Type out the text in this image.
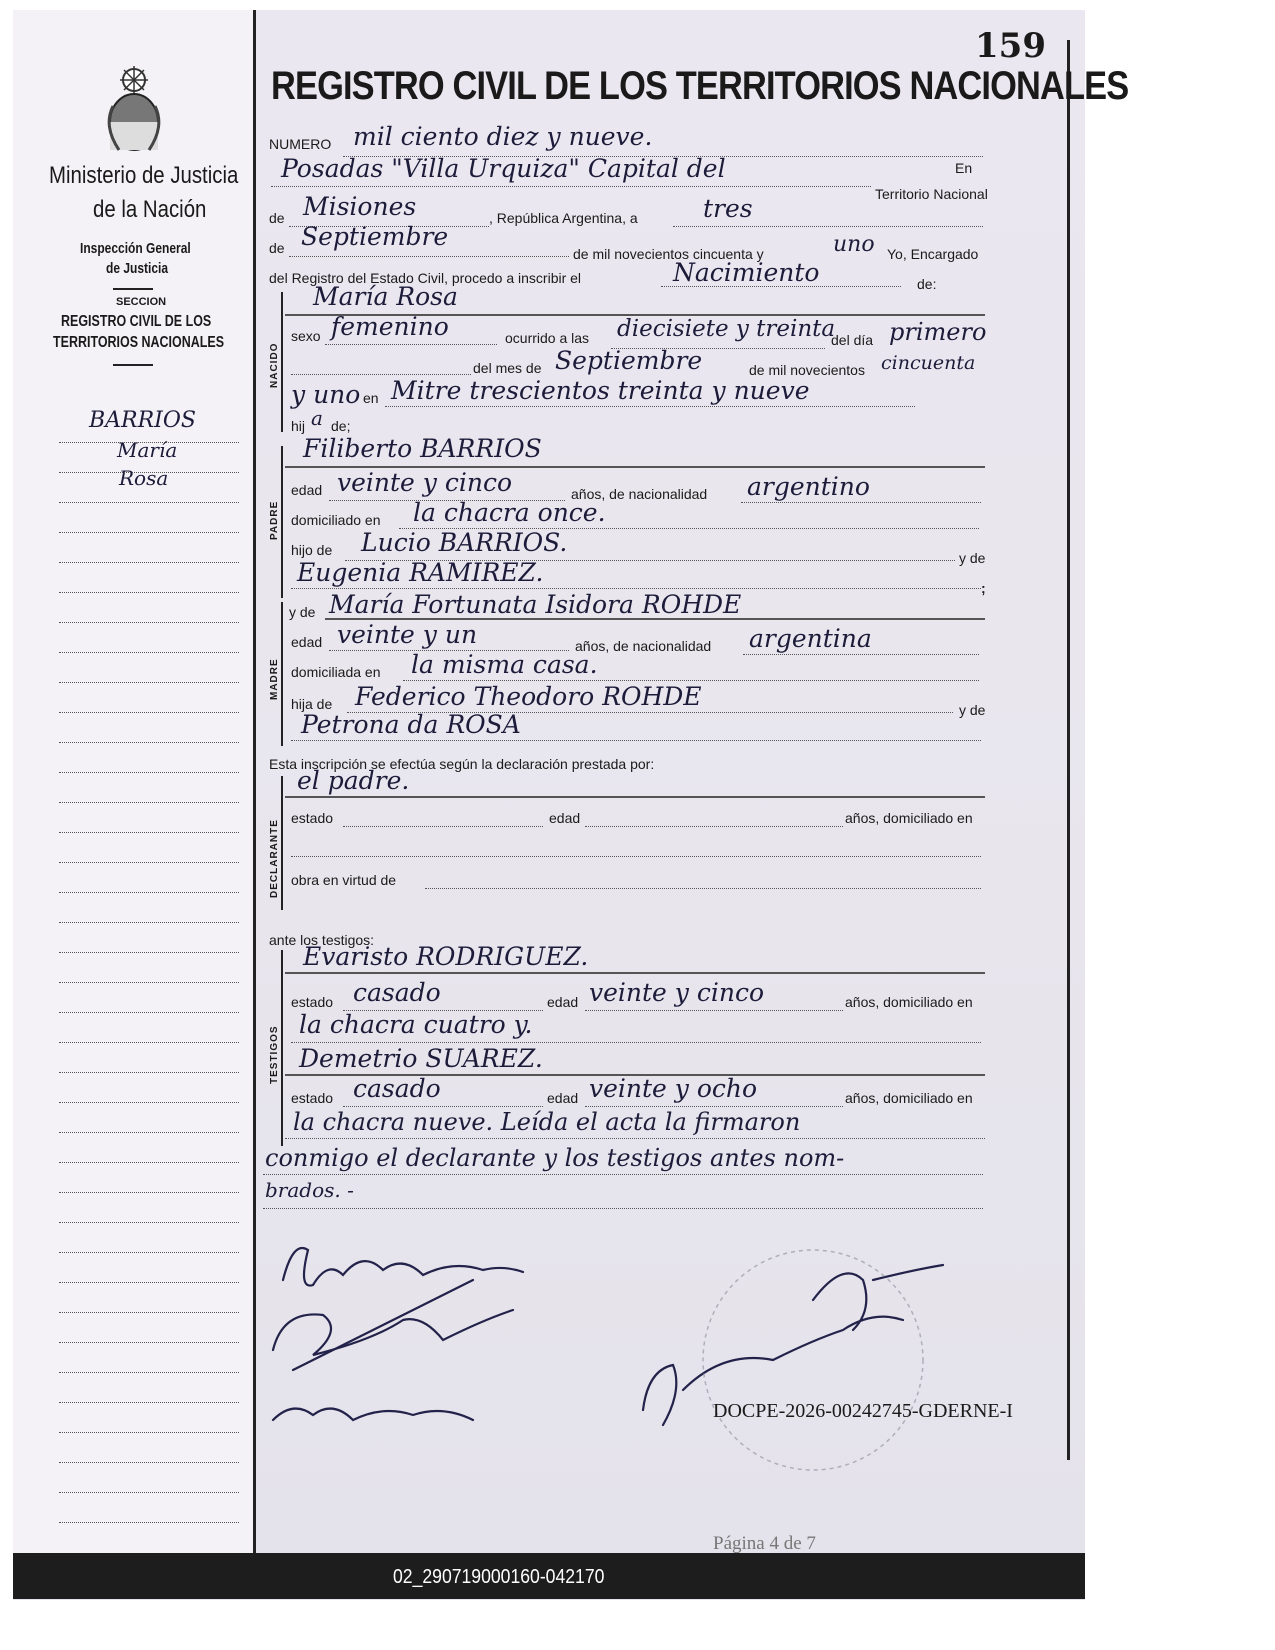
Ministerio de Justicia
de la Nación
Inspección General
de Justicia
SECCION
REGISTRO CIVIL DE LOS
TERRITORIOS NACIONALES
BARRIOS
María
Rosa
159
REGISTRO CIVIL DE LOS TERRITORIOS NACIONALES
NUMERO mil ciento diez y nueve.
En
Posadas "Villa Urquiza" Capital del
Territorio Nacional
de Misiones	, República Argentina, a	tres
de Septiembre
de mil novecientos cincuenta y	uno Yo, Encargado
del Registro del Estado Civil, procedo a inscribir el	Nacimiento	de:
NACIDO
María Rosa
sexo femenino	ocurrido a las diecisiete y treinta
del día primero
del mes de Septiembre	de mil novecientos cincuenta
y uno en Mitre trescientos treinta y nueve
hij a de;
PADRE
Filiberto BARRIOS
edad veinte y cinco	años, de nacionalidad argentino
domiciliado en la chacra once.
hijo de Lucio BARRIOS.
y de
Eugenia RAMIREZ.
;
MADRE
y de María Fortunata Isidora ROHDE
edad veinte y un	años, de nacionalidad argentina
domiciliada en la misma casa.
hija de Federico Theodoro ROHDE	y de
Petrona da ROSA
Esta inscripción se efectúa según la declaración prestada por:
DECLARANTE
el padre.
estado	edad	años, domiciliado en
obra en virtud de
ante los testigos:
TESTIGOS
Evaristo RODRIGUEZ.
estado casado	edad veinte y cinco	años, domiciliado en
la chacra cuatro y.
Demetrio SUAREZ.
estado casado	edad veinte y ocho	años, domiciliado en
la chacra nueve. Leída el acta la firmaron
conmigo el declarante y los testigos antes nom-
brados. -
DOCPE-2026-00242745-GDERNE-I
02_290719000160-042170
Página 4 de 7
